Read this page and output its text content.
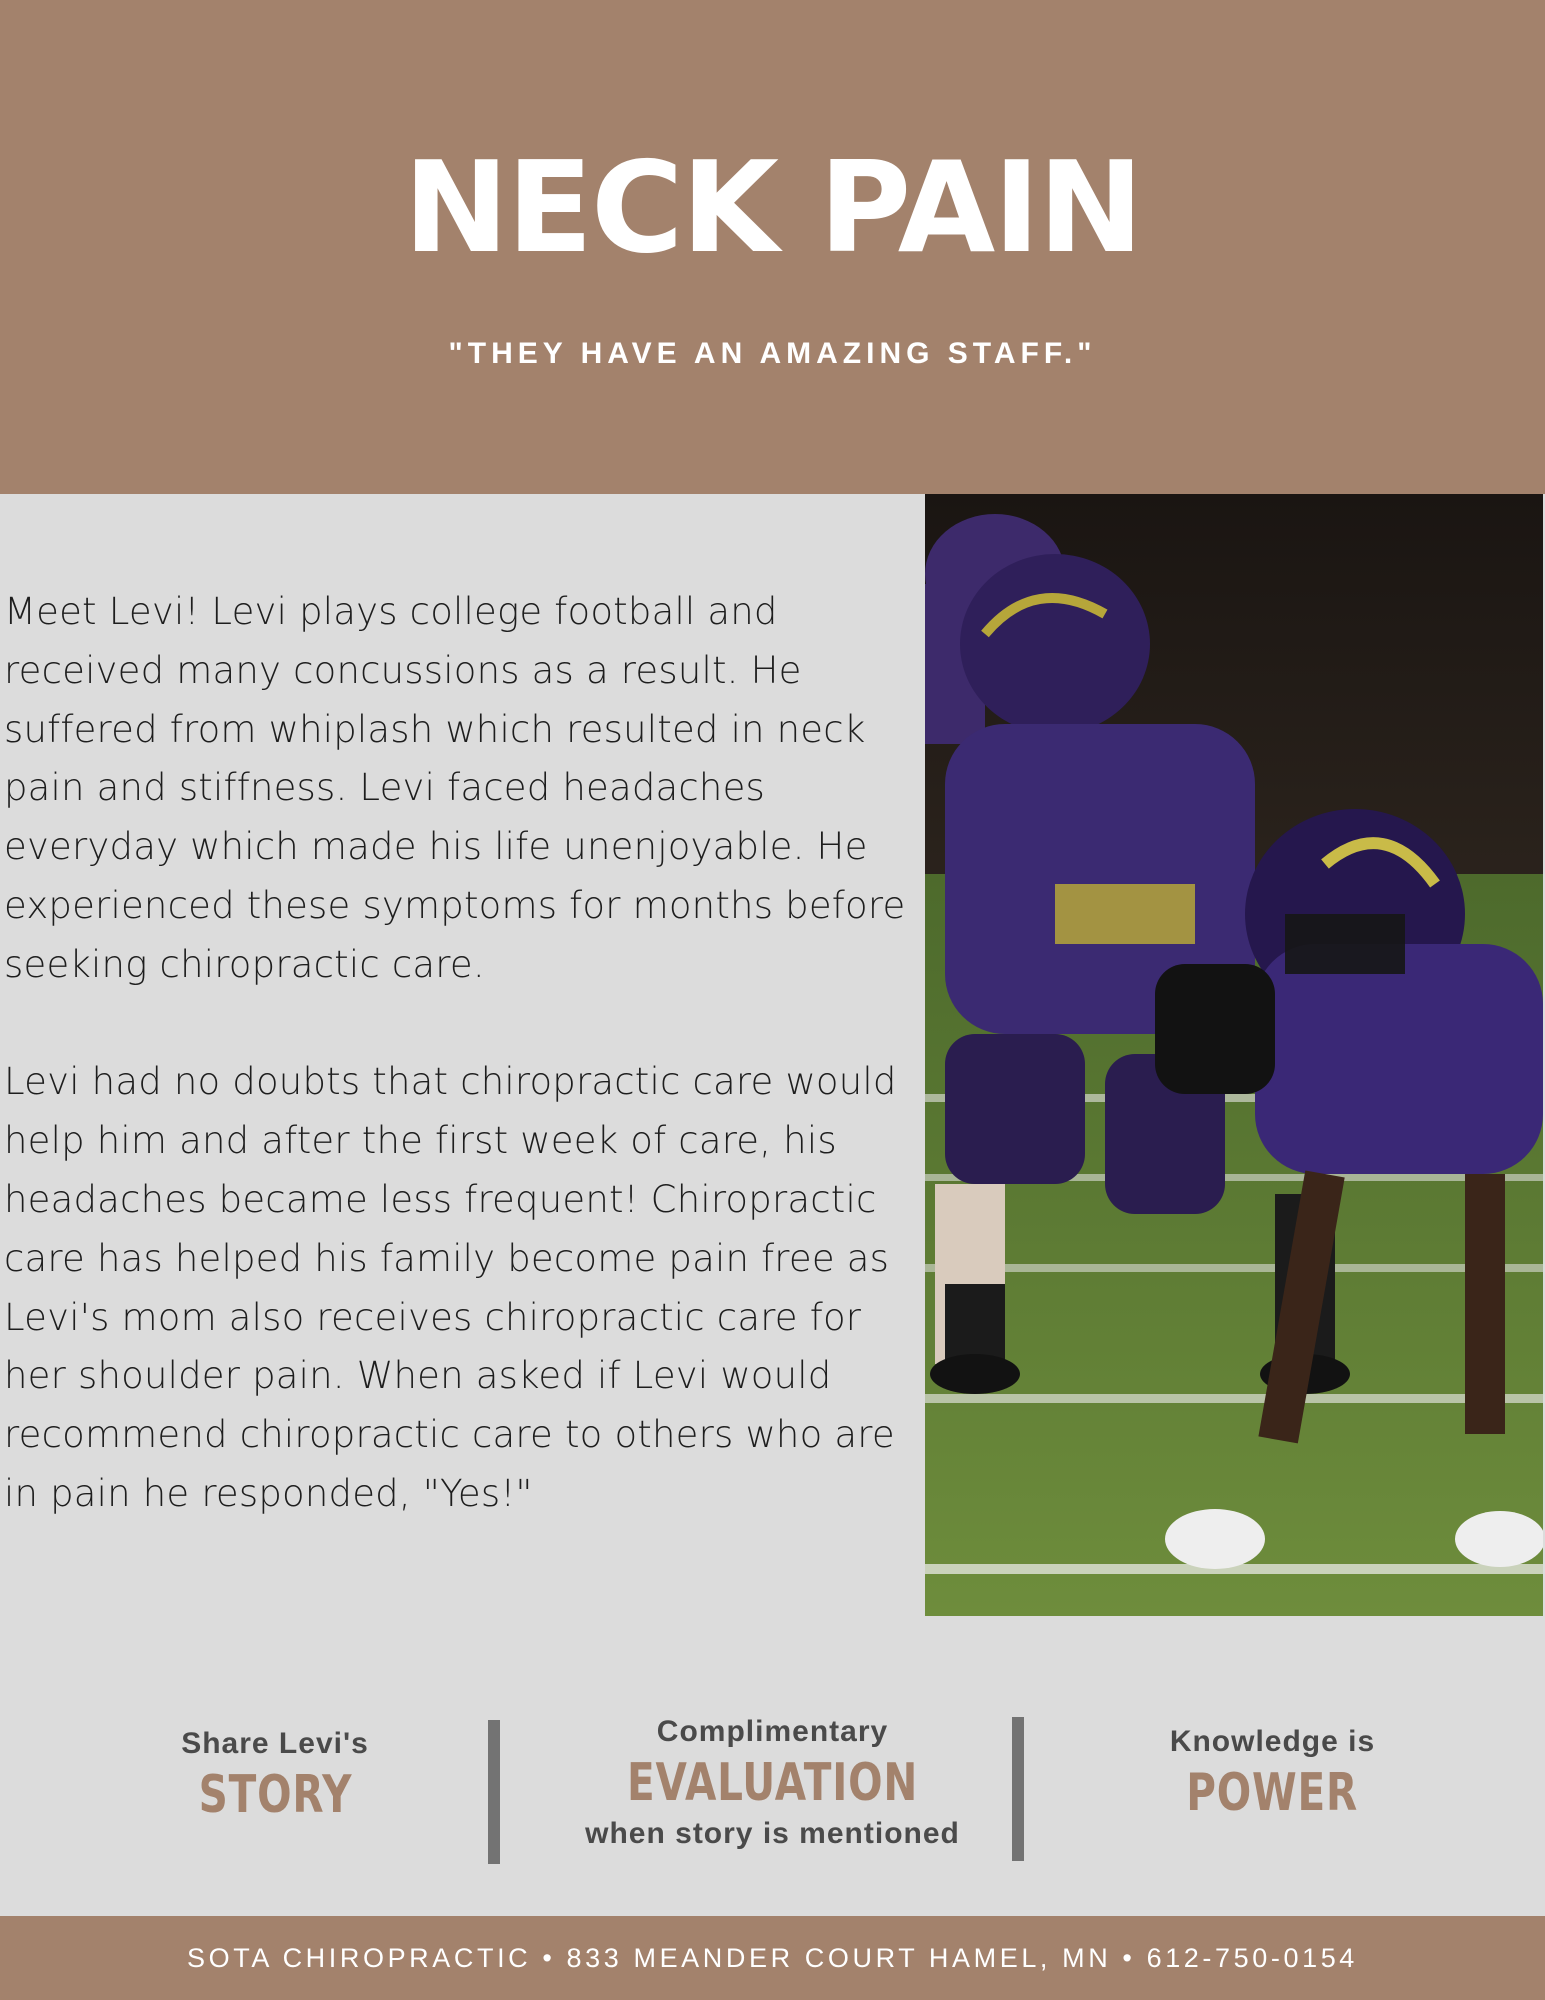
NECK PAIN
"THEY HAVE AN AMAZING STAFF."

Meet Levi! Levi plays college football and received many concussions as a result. He suffered from whiplash which resulted in neck pain and stiffness. Levi faced headaches everyday which made his life unenjoyable. He experienced these symptoms for months before seeking chiropractic care.

Levi had no doubts that chiropractic care would help him and after the first week of care, his headaches became less frequent! Chiropractic care has helped his family become pain free as Levi's mom also receives chiropractic care for her shoulder pain. When asked if Levi would recommend chiropractic care to others who are in pain he responded, "Yes!"

Share Levi's
STORY
Complimentary
EVALUATION
when story is mentioned
Knowledge is
POWER
SOTA CHIROPRACTIC • 833 MEANDER COURT HAMEL, MN • 612-750-0154
